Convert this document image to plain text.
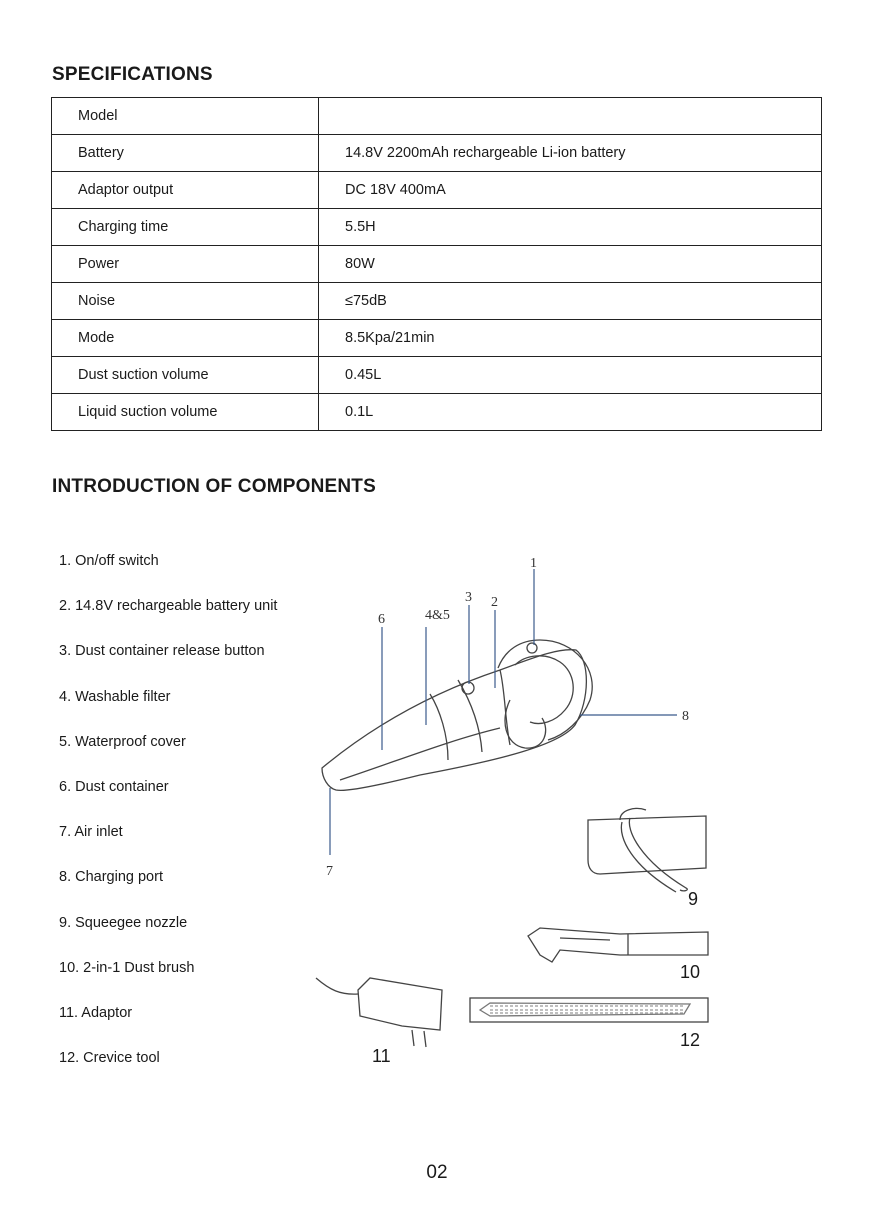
SPECIFICATIONS
Model	
Battery	14.8V 2200mAh rechargeable Li-ion battery
Adaptor output	DC 18V 400mA
Charging time	5.5H
Power	80W
Noise	≤75dB
Mode	8.5Kpa/21min
Dust suction volume	0.45L
Liquid suction volume	0.1L
INTRODUCTION OF COMPONENTS
1. On/off switch
2. 14.8V rechargeable battery unit
3. Dust container release button
4. Washable filter
5. Waterproof cover
6. Dust container
7. Air inlet
8. Charging port
9. Squeegee nozzle
10. 2-in-1 Dust brush
11. Adaptor
12. Crevice tool
1
2
3
4&5
6
7
8
9
10
11
12
02
